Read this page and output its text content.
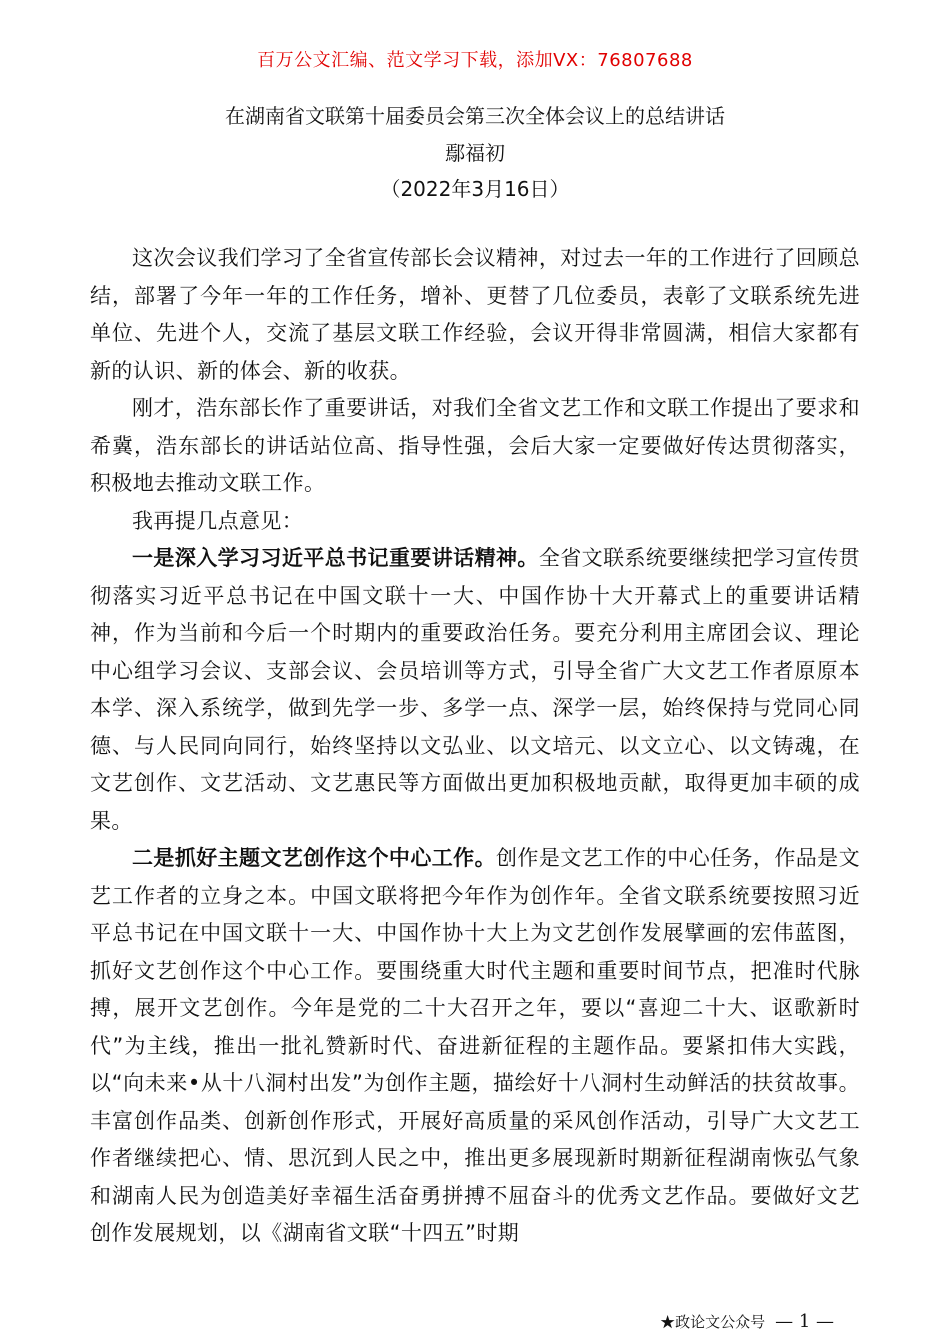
百万公文汇编、范文学习下载，添加VX：76807688
在湖南省文联第十届委员会第三次全体会议上的总结讲话
鄢福初
（2022年3月16日）

这次会议我们学习了全省宣传部长会议精神，对过去一年的工作进行了回顾总结，部署了今年一年的工作任务，增补、更替了几位委员，表彰了文联系统先进单位、先进个人，交流了基层文联工作经验，会议开得非常圆满，相信大家都有新的认识、新的体会、新的收获。

刚才，浩东部长作了重要讲话，对我们全省文艺工作和文联工作提出了要求和希冀，浩东部长的讲话站位高、指导性强，会后大家一定要做好传达贯彻落实，积极地去推动文联工作。

我再提几点意见：

一是深入学习习近平总书记重要讲话精神。全省文联系统要继续把学习宣传贯彻落实习近平总书记在中国文联十一大、中国作协十大开幕式上的重要讲话精神，作为当前和今后一个时期内的重要政治任务。要充分利用主席团会议、理论中心组学习会议、支部会议、会员培训等方式，引导全省广大文艺工作者原原本本学、深入系统学，做到先学一步、多学一点、深学一层，始终保持与党同心同德、与人民同向同行，始终坚持以文弘业、以文培元、以文立心、以文铸魂，在文艺创作、文艺活动、文艺惠民等方面做出更加积极地贡献，取得更加丰硕的成果。

二是抓好主题文艺创作这个中心工作。创作是文艺工作的中心任务，作品是文艺工作者的立身之本。中国文联将把今年作为创作年。全省文联系统要按照习近平总书记在中国文联十一大、中国作协十大上为文艺创作发展擘画的宏伟蓝图，抓好文艺创作这个中心工作。要围绕重大时代主题和重要时间节点，把准时代脉搏，展开文艺创作。今年是党的二十大召开之年，要以“喜迎二十大、讴歌新时代”为主线，推出一批礼赞新时代、奋进新征程的主题作品。要紧扣伟大实践，以“向未来•从十八洞村出发”为创作主题，描绘好十八洞村生动鲜活的扶贫故事。丰富创作品类、创新创作形式，开展好高质量的采风创作活动，引导广大文艺工作者继续把心、情、思沉到人民之中，推出更多展现新时期新征程湖南恢弘气象和湖南人民为创造美好幸福生活奋勇拼搏不屈奋斗的优秀文艺作品。要做好文艺创作发展规划，以《湖南省文联“十四五”时期

★政论文公众号 — 1 —
